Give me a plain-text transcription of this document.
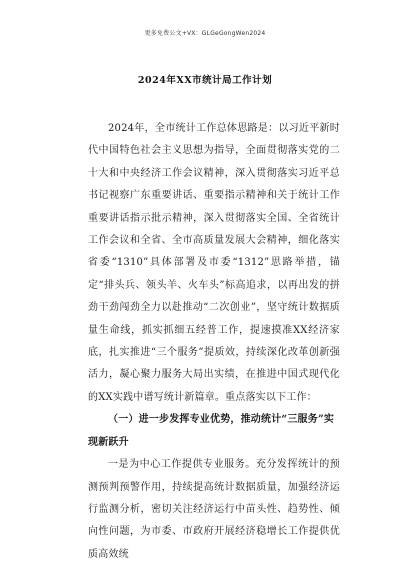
更多免费公文+VX：GLGeGongWen2024
2024年XX市统计局工作计划

2024年，全市统计工作总体思路是：以习近平新时代中国特色社会主义思想为指导，全面贯彻落实党的二十大和中央经济工作会议精神，深入贯彻落实习近平总书记视察广东重要讲话、重要指示精神和关于统计工作重要讲话指示批示精神，深入贯彻落实全国、全省统计工作会议和全省、全市高质量发展大会精神，细化落实省委“1310”具体部署及市委“1312”思路举措，锚定“排头兵、领头羊、火车头”标高追求，以再出发的拼劲干劲闯劲全力以赴推动“二次创业”，坚守统计数据质量生命线，抓实抓细五经普工作，提速摸准XX经济家底，扎实推进“三个服务”提质效，持续深化改革创新强活力，凝心聚力服务大局出实绩，在推进中国式现代化的XX实践中谱写统计新篇章。重点落实以下工作：

（一）进一步发挥专业优势，推动统计“三服务”实现新跃升

一是为中心工作提供专业服务。充分发挥统计的预测预判预警作用，持续提高统计数据质量，加强经济运行监测分析，密切关注经济运行中苗头性、趋势性、倾向性问题，为市委、市政府开展经济稳增长工作提供优质高效统
